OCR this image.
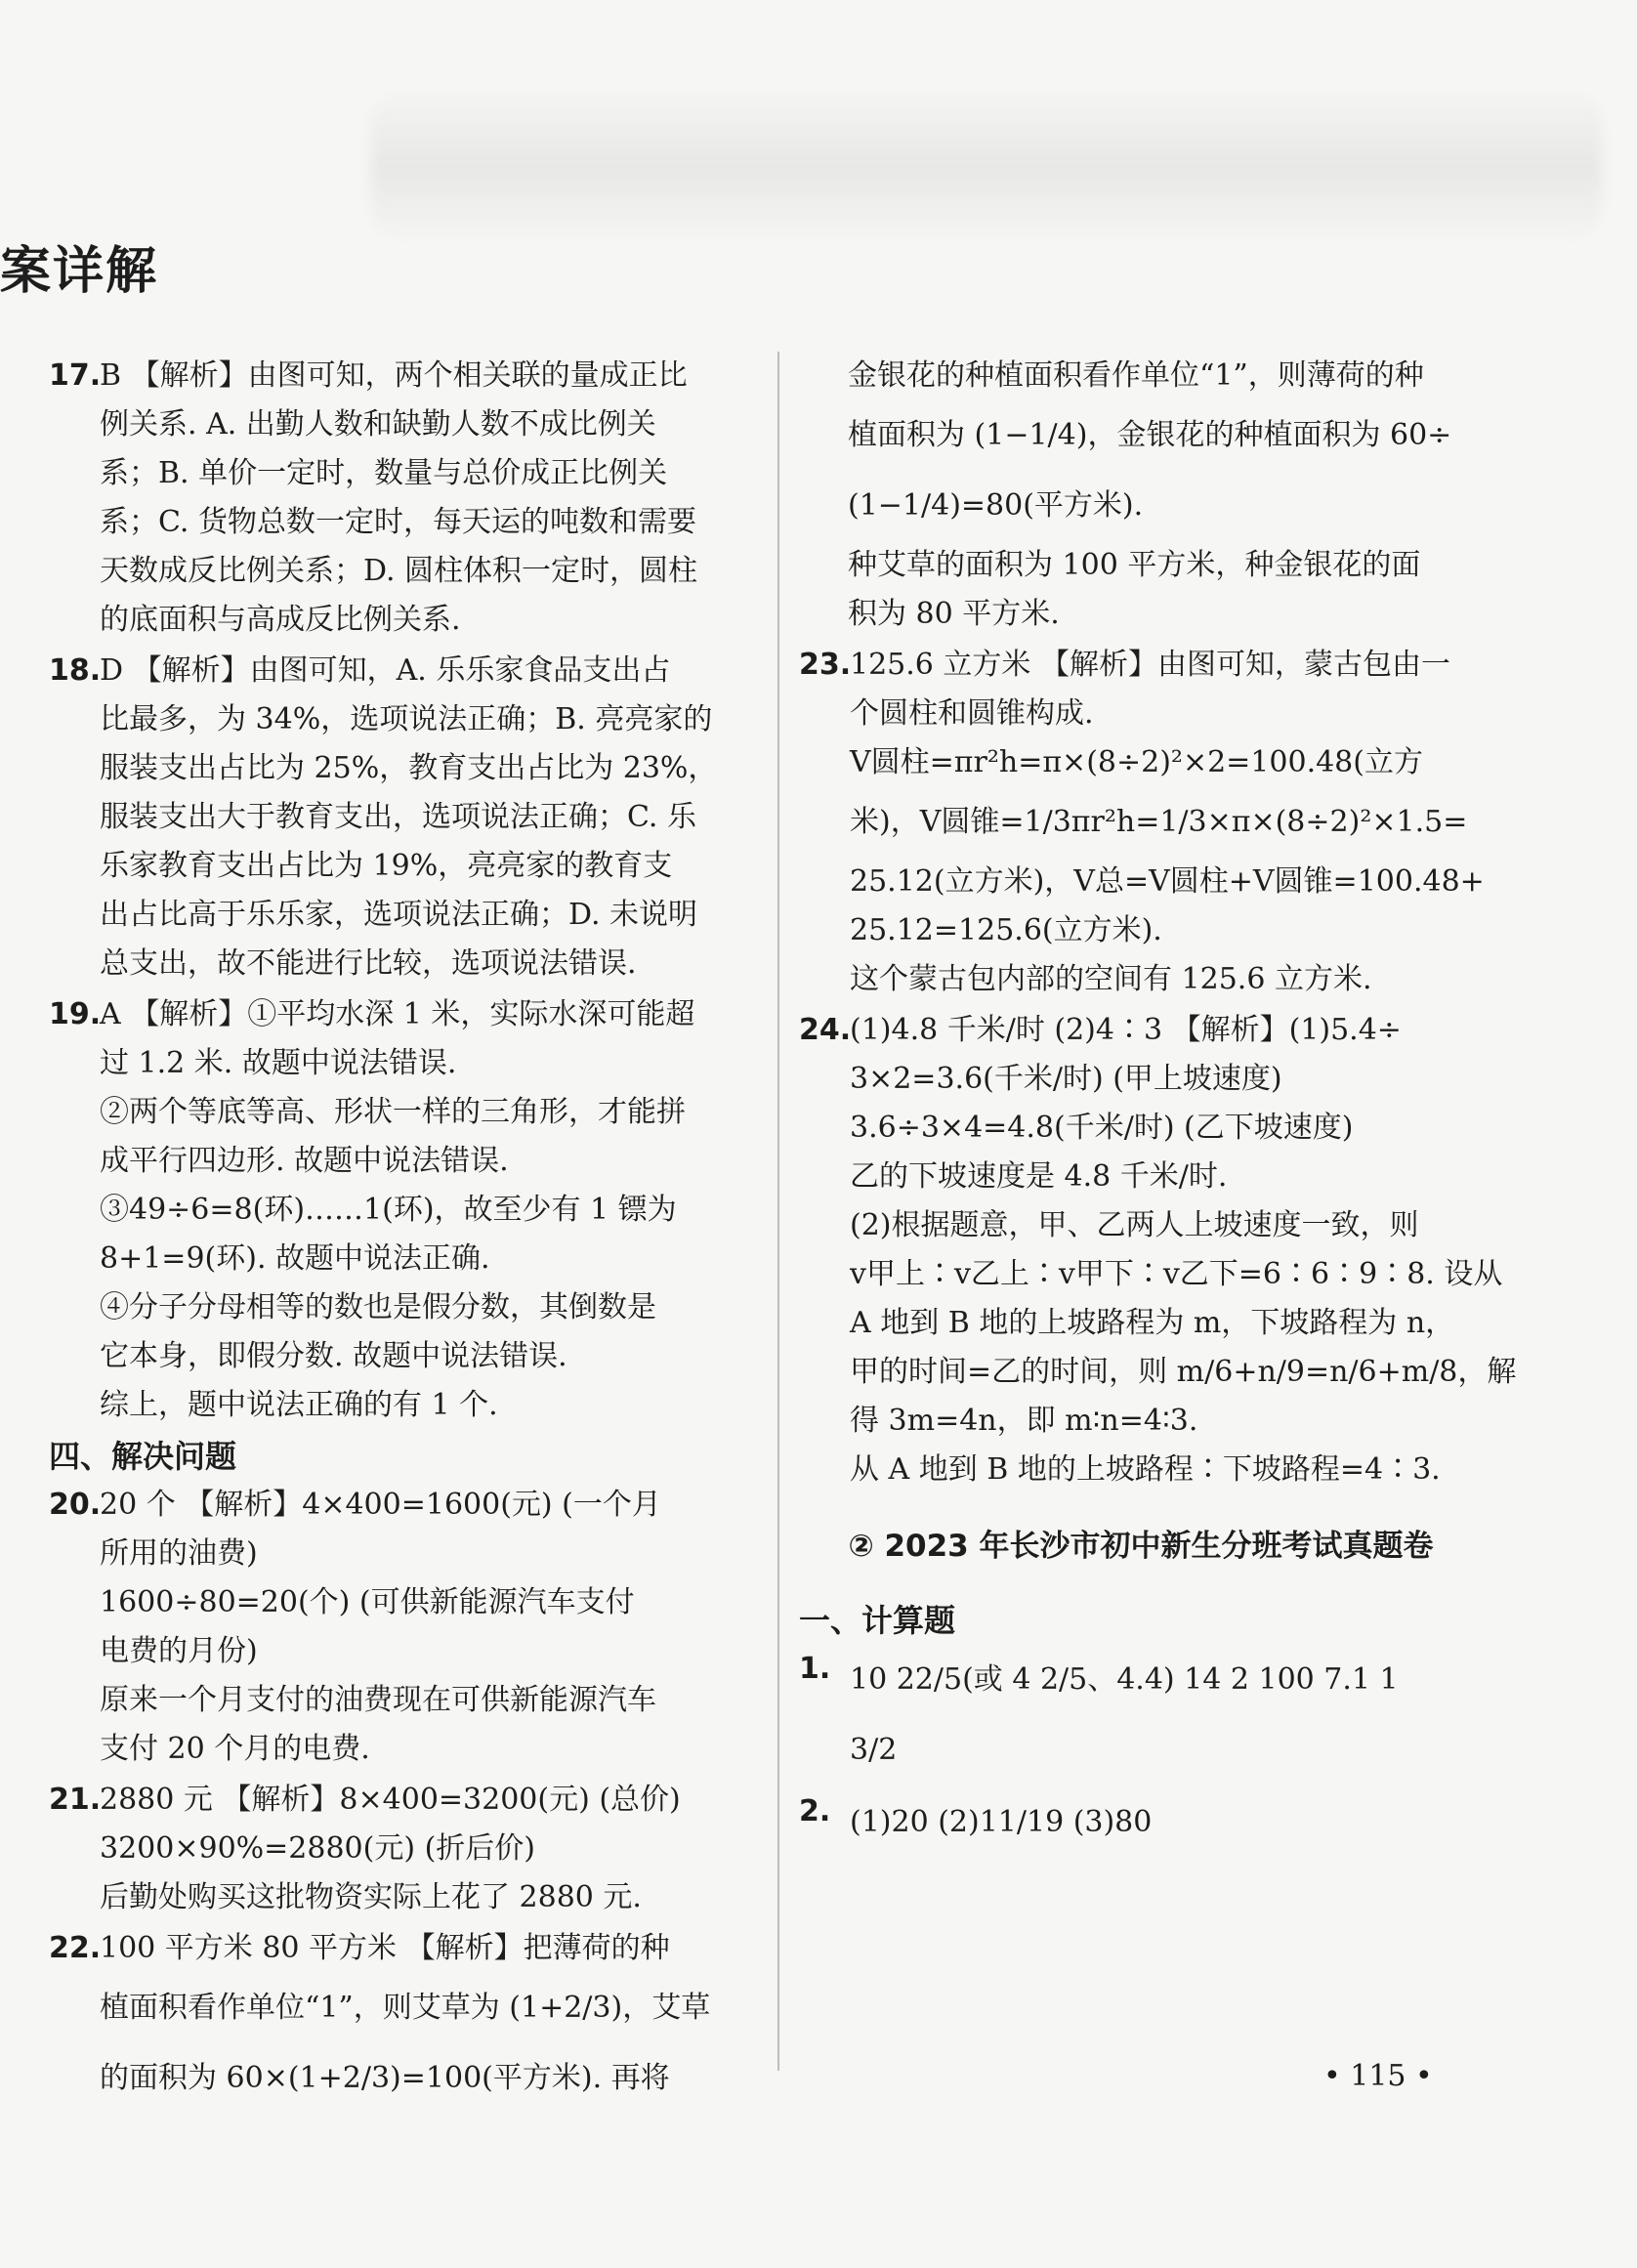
案详解
17.
B 【解析】由图可知，两个相关联的量成正比
例关系. A. 出勤人数和缺勤人数不成比例关
系；B. 单价一定时，数量与总价成正比例关
系；C. 货物总数一定时，每天运的吨数和需要
天数成反比例关系；D. 圆柱体积一定时，圆柱
的底面积与高成反比例关系.
18.
D 【解析】由图可知，A. 乐乐家食品支出占
比最多，为 34%，选项说法正确；B. 亮亮家的
服装支出占比为 25%，教育支出占比为 23%，
服装支出大于教育支出，选项说法正确；C. 乐
乐家教育支出占比为 19%，亮亮家的教育支
出占比高于乐乐家，选项说法正确；D. 未说明
总支出，故不能进行比较，选项说法错误.
19.
A 【解析】①平均水深 1 米，实际水深可能超
过 1.2 米. 故题中说法错误.
②两个等底等高、形状一样的三角形，才能拼
成平行四边形. 故题中说法错误.
③49÷6=8(环)……1(环)，故至少有 1 镖为
8+1=9(环). 故题中说法正确.
④分子分母相等的数也是假分数，其倒数是
它本身，即假分数. 故题中说法错误.
综上，题中说法正确的有 1 个.
四、解决问题
20.
20 个 【解析】4×400=1600(元) (一个月
所用的油费)
1600÷80=20(个) (可供新能源汽车支付
电费的月份)
原来一个月支付的油费现在可供新能源汽车
支付 20 个月的电费.
21.
2880 元 【解析】8×400=3200(元) (总价)
3200×90%=2880(元) (折后价)
后勤处购买这批物资实际上花了 2880 元.
22.
100 平方米 80 平方米 【解析】把薄荷的种
植面积看作单位“1”，则艾草为 (1+2/3)，艾草
的面积为 60×(1+2/3)=100(平方米). 再将
金银花的种植面积看作单位“1”，则薄荷的种
植面积为 (1−1/4)，金银花的种植面积为 60÷
(1−1/4)=80(平方米).
种艾草的面积为 100 平方米，种金银花的面
积为 80 平方米.
23.
125.6 立方米 【解析】由图可知，蒙古包由一
个圆柱和圆锥构成.
V圆柱=πr²h=π×(8÷2)²×2=100.48(立方
米)，V圆锥=1/3πr²h=1/3×π×(8÷2)²×1.5=
25.12(立方米)，V总=V圆柱+V圆锥=100.48+
25.12=125.6(立方米).
这个蒙古包内部的空间有 125.6 立方米.
24.
(1)4.8 千米/时 (2)4∶3 【解析】(1)5.4÷
3×2=3.6(千米/时) (甲上坡速度)
3.6÷3×4=4.8(千米/时) (乙下坡速度)
乙的下坡速度是 4.8 千米/时.
(2)根据题意，甲、乙两人上坡速度一致，则
v甲上∶v乙上∶v甲下∶v乙下=6∶6∶9∶8. 设从
A 地到 B 地的上坡路程为 m，下坡路程为 n，
甲的时间=乙的时间，则 m/6+n/9=n/6+m/8，解
得 3m=4n，即 m∶n=4∶3.
从 A 地到 B 地的上坡路程∶下坡路程=4∶3.
② 2023 年长沙市初中新生分班考试真题卷
一、计算题
1. 10 22/5(或 4 2/5、4.4) 14 2 100 7.1 1
3/2
2. (1)20 (2)11/19 (3)80
• 115 •
